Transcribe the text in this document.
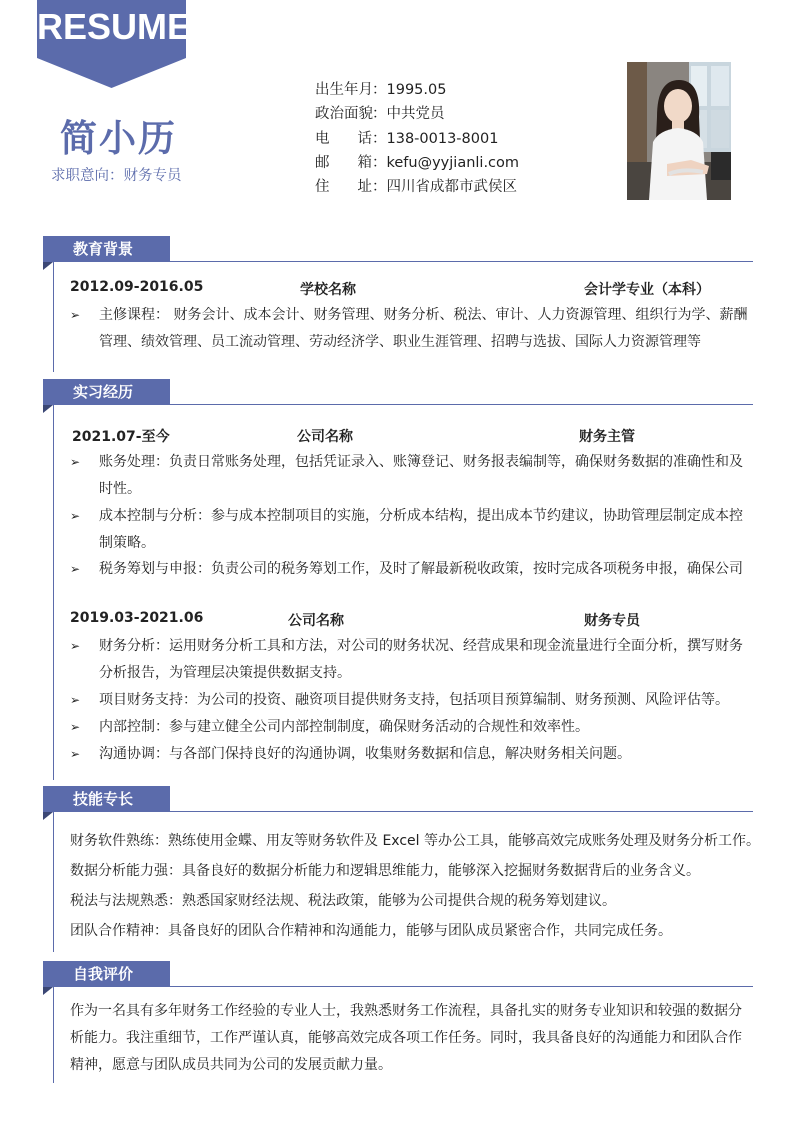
RESUME
简小历
求职意向：财务专员
出生年月：1995.05
政治面貌：中共党员
电话：138-0013-8001
邮箱：kefu@yyjianli.com
住址：四川省成都市武侯区
教育背景
2012.09-2016.05	学校名称	会计学专业（本科）
➢	主修课程： 财务会计、成本会计、财务管理、财务分析、税法、审计、人力资源管理、组织行为学、薪酬管理、绩效管理、员工流动管理、劳动经济学、职业生涯管理、招聘与选拔、国际人力资源管理等
实习经历
2021.07-至今	公司名称	财务主管
➢	账务处理：负责日常账务处理，包括凭证录入、账簿登记、财务报表编制等，确保财务数据的准确性和及时性。
➢	成本控制与分析：参与成本控制项目的实施，分析成本结构，提出成本节约建议，协助管理层制定成本控制策略。
➢	税务筹划与申报：负责公司的税务筹划工作，及时了解最新税收政策，按时完成各项税务申报，确保公司
2019.03-2021.06	公司名称	财务专员
➢	财务分析：运用财务分析工具和方法，对公司的财务状况、经营成果和现金流量进行全面分析，撰写财务分析报告，为管理层决策提供数据支持。
➢	项目财务支持：为公司的投资、融资项目提供财务支持，包括项目预算编制、财务预测、风险评估等。
➢	内部控制：参与建立健全公司内部控制制度，确保财务活动的合规性和效率性。
➢	沟通协调：与各部门保持良好的沟通协调，收集财务数据和信息，解决财务相关问题。
技能专长
财务软件熟练：熟练使用金蝶、用友等财务软件及 Excel 等办公工具，能够高效完成账务处理及财务分析工作。
数据分析能力强：具备良好的数据分析能力和逻辑思维能力，能够深入挖掘财务数据背后的业务含义。
税法与法规熟悉：熟悉国家财经法规、税法政策，能够为公司提供合规的税务筹划建议。
团队合作精神：具备良好的团队合作精神和沟通能力，能够与团队成员紧密合作，共同完成任务。
自我评价
作为一名具有多年财务工作经验的专业人士，我熟悉财务工作流程，具备扎实的财务专业知识和较强的数据分析能力。我注重细节，工作严谨认真，能够高效完成各项工作任务。同时，我具备良好的沟通能力和团队合作精神，愿意与团队成员共同为公司的发展贡献力量。
